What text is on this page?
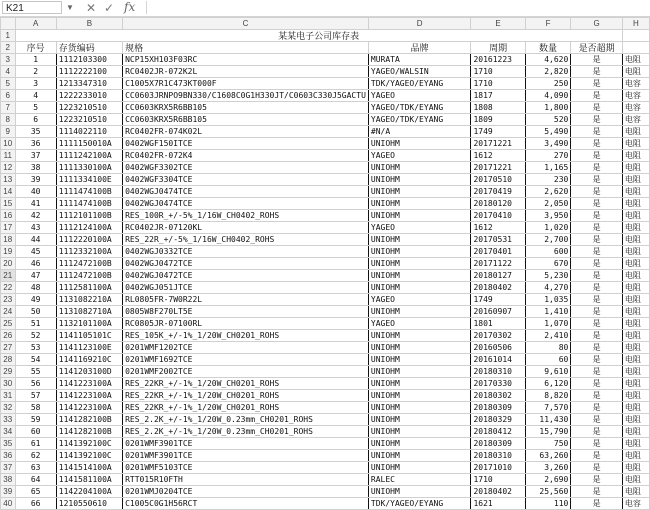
K21	▼ ✕ ✓ fx
	A	B	C	D	E	F	G	H
1	某某电子公司库存表							
2	序号	存货编码	规格	品牌	周期	数量	是否超期	
3	1	1112103300	NCP15XH103F03RC	MURATA	20161223	4,620	是	电阻
4	2	1112222100	RC0402JR-072K2L	YAGEO/WALSIN	1710	2,820	是	电阻
5	3	1213347310	C1005X7R1C473KT000F	TDK/YAGEO/EYANG	1710	250	是	电容
6	4	1222233010	CC0603JRNPO9BN330/C1608C0G1H330JT/C0603C330J5GACTU	YAGEO	1817	4,090	是	电容
7	5	1223210510	CC0603KRX5R6BB105	YAGEO/TDK/EYANG	1808	1,800	是	电容
8	6	1223210510	CC0603KRX5R6BB105	YAGEO/TDK/EYANG	1809	520	是	电容
9	35	1114022110	RC0402FR-074K02L	#N/A	1749	5,490	是	电阻
10	36	1111150010A	0402WGF150ITCE	UNIOHM	20171221	3,490	是	电阻
11	37	1111242100A	RC0402FR-072K4	YAGEO	1612	270	是	电阻
12	38	1111330100A	0402WGF3302TCE	UNIOHM	20171221	1,165	是	电阻
13	39	1111334100E	0402WGF3304TCE	UNIOHM	20170510	230	是	电阻
14	40	1111474100B	0402WGJ0474TCE	UNIOHM	20170419	2,620	是	电阻
15	41	1111474100B	0402WGJ0474TCE	UNIOHM	20180120	2,050	是	电阻
16	42	1112101100B	RES_100R_+/-5%_1/16W_CH0402_ROHS	UNIOHM	20170410	3,950	是	电阻
17	43	1112124100A	RC0402JR-07120KL	YAGEO	1612	1,020	是	电阻
18	44	1112220100A	RES_22R_+/-5%_1/16W_CH0402_ROHS	UNIOHM	20170531	2,700	是	电阻
19	45	1112332100A	0402WGJ0332TCE	UNIOHM	20170401	600	是	电阻
20	46	1112472100B	0402WGJ0472TCE	UNIOHM	20171122	670	是	电阻
21	47	1112472100B	0402WGJ0472TCE	UNIOHM	20180127	5,230	是	电阻
22	48	1112581100A	0402WGJ051JTCE	UNIOHM	20180402	4,270	是	电阻
23	49	1131082210A	RL0805FR-7W0R22L	YAGEO	1749	1,035	是	电阻
24	50	1131082710A	0805W8F270LT5E	UNIOHM	20160907	1,410	是	电阻
25	51	1132101100A	RC0805JR-07100RL	YAGEO	1801	1,070	是	电阻
26	52	1141105101C	RES_105K_+/-1%_1/20W_CH0201_ROHS	UNIOHM	20170302	2,410	是	电阻
27	53	1141123100E	0201WMF1202TCE	UNIOHM	20160506	80	是	电阻
28	54	1141169210C	0201WMF1692TCE	UNIOHM	20161014	60	是	电阻
29	55	1141203100D	0201WMF2002TCE	UNIOHM	20180310	9,610	是	电阻
30	56	1141223100A	RES_22KR_+/-1%_1/20W_CH0201_ROHS	UNIOHM	20170330	6,120	是	电阻
31	57	1141223100A	RES_22KR_+/-1%_1/20W_CH0201_ROHS	UNIOHM	20180302	8,820	是	电阻
32	58	1141223100A	RES_22KR_+/-1%_1/20W_CH0201_ROHS	UNIOHM	20180309	7,570	是	电阻
33	59	1141282100B	RES_2.2K_+/-1%_1/20W_0.23mm_CH0201_ROHS	UNIOHM	20180329	11,430	是	电阻
34	60	1141282100B	RES_2.2K_+/-1%_1/20W_0.23mm_CH0201_ROHS	UNIOHM	20180412	15,790	是	电阻
35	61	1141392100C	0201WMF3901TCE	UNIOHM	20180309	750	是	电阻
36	62	1141392100C	0201WMF3901TCE	UNIOHM	20180310	63,260	是	电阻
37	63	1141514100A	0201WMF5103TCE	UNIOHM	20171010	3,260	是	电阻
38	64	1141581100A	RTT015R10FTH	RALEC	1710	2,690	是	电阻
39	65	1142204100A	0201WMJ0204TCE	UNIOHM	20180402	25,560	是	电阻
40	66	1210550610	C1005C0G1H56RCT	TDK/YAGEO/EYANG	1621	110	是	电容
